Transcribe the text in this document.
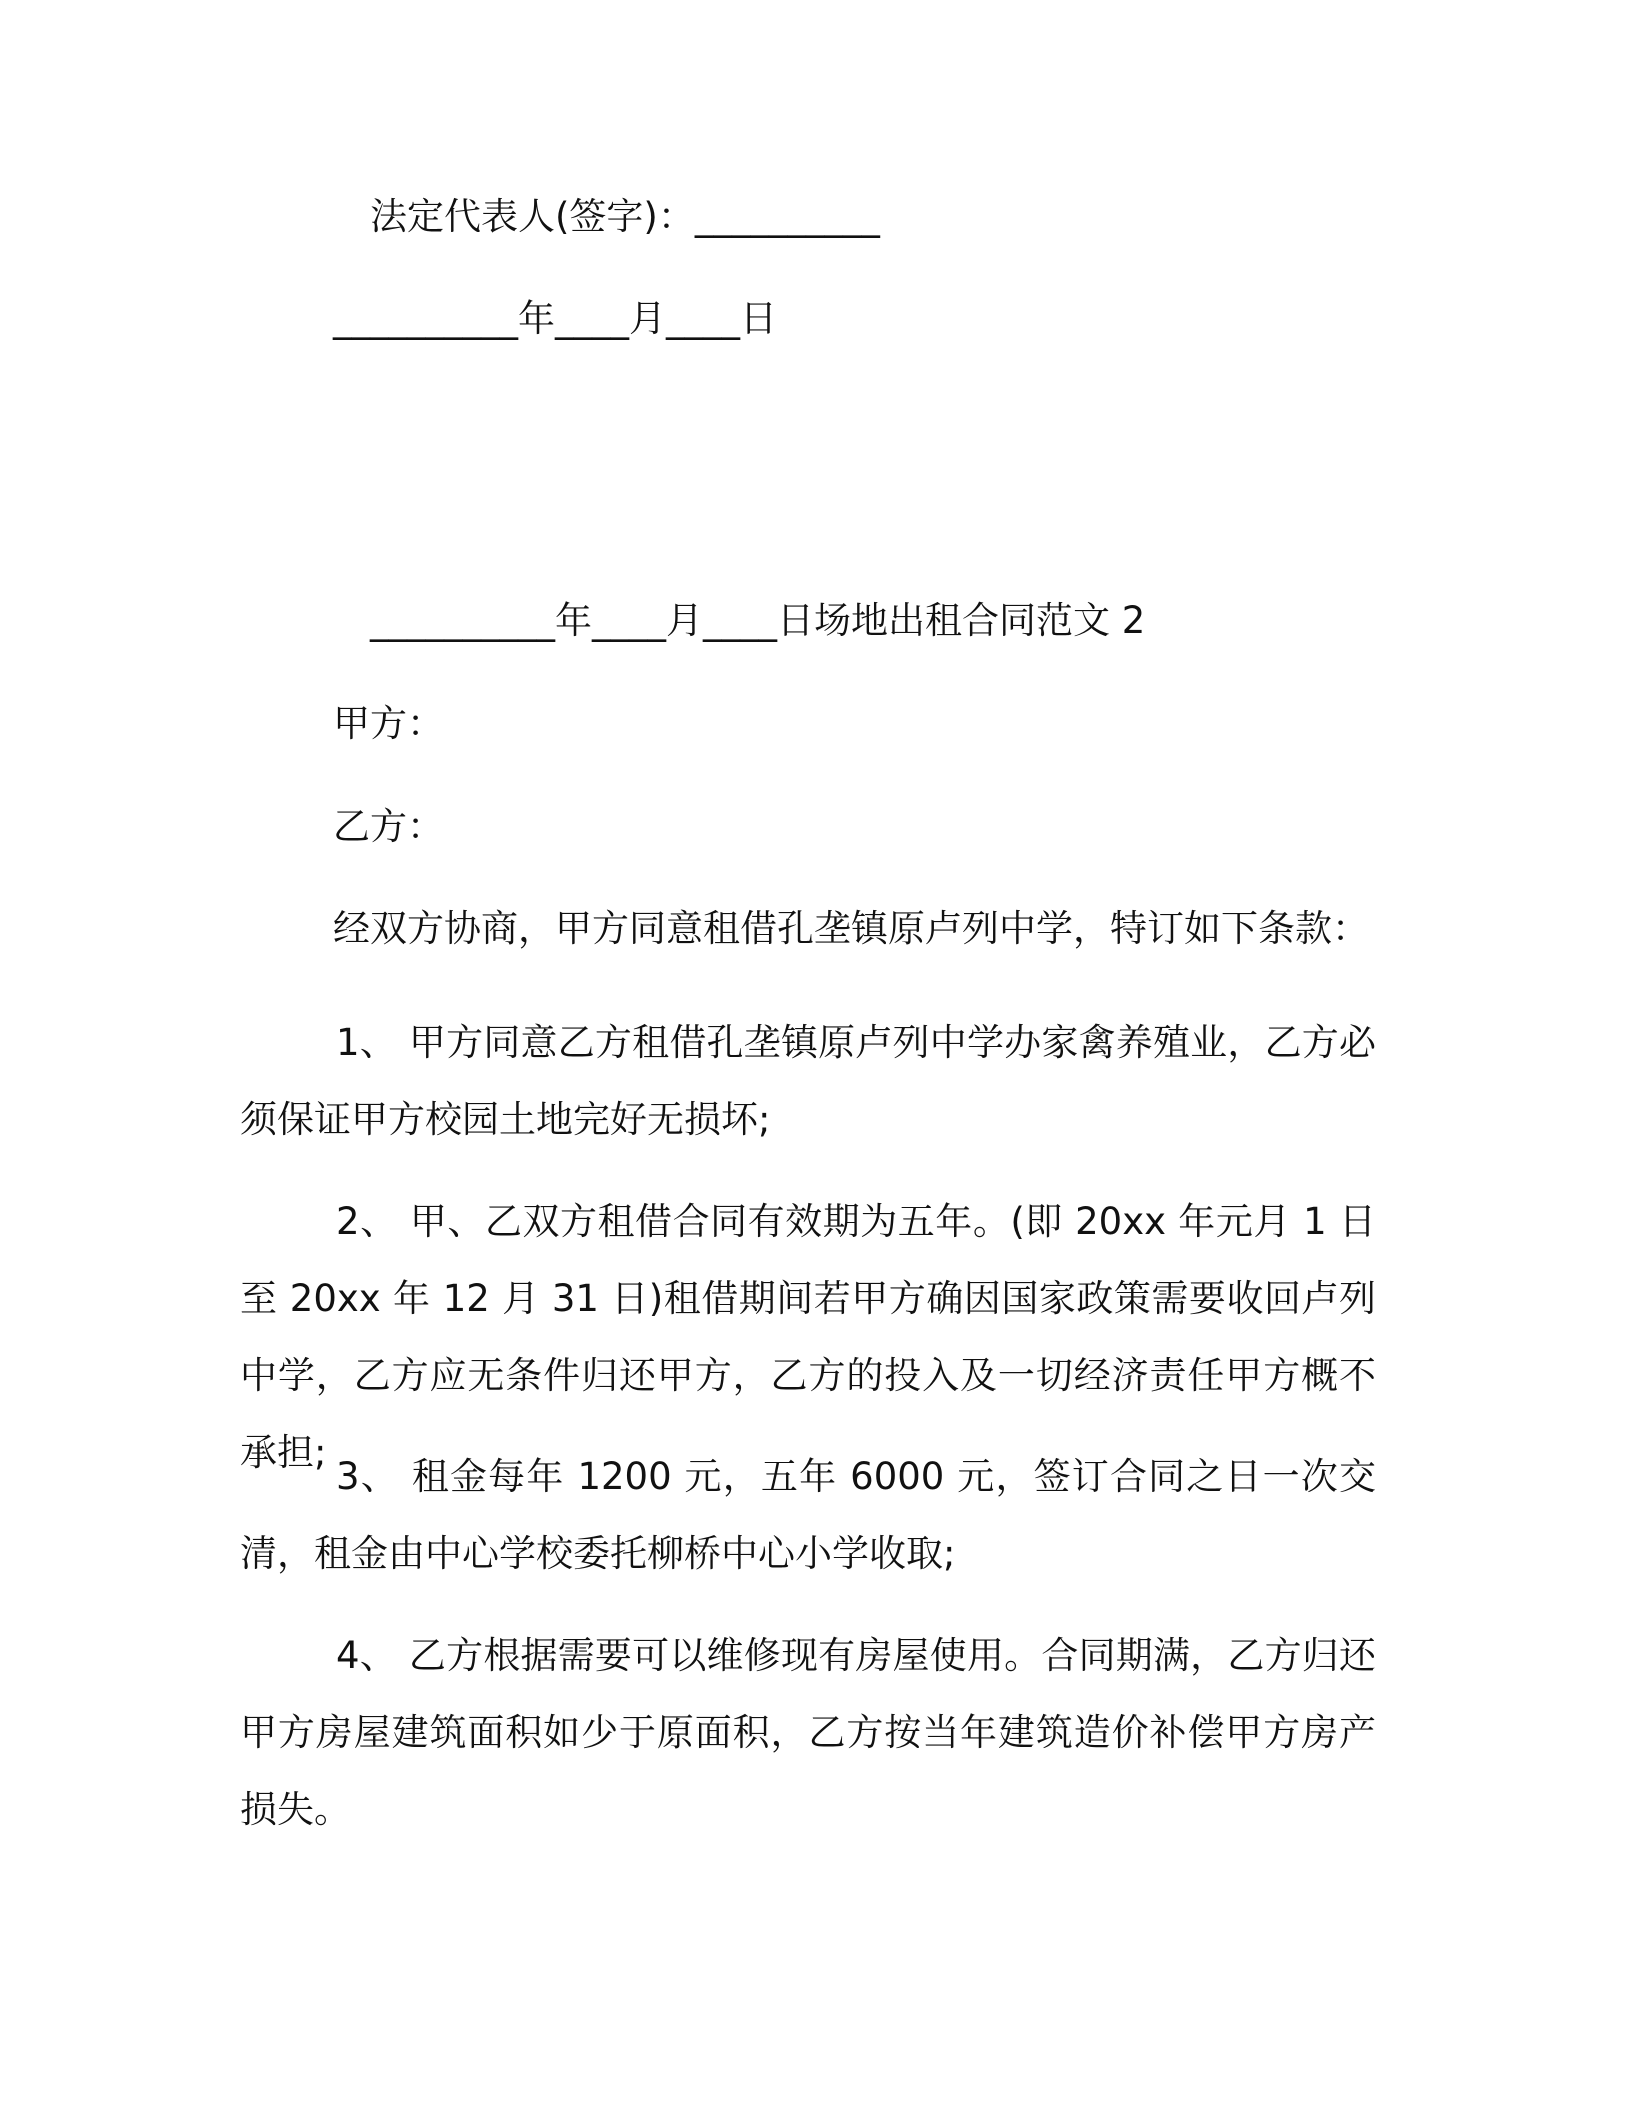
法定代表人(签字)：__________
__________年____月____日
__________年____月____日场地出租合同范文 2
甲方：
乙方：
经双方协商，甲方同意租借孔垄镇原卢列中学，特订如下条款：
1、 甲方同意乙方租借孔垄镇原卢列中学办家禽养殖业，乙方必须保证甲方校园土地完好无损坏;
2、 甲、乙双方租借合同有效期为五年。(即 20xx 年元月 1 日至 20xx 年 12 月 31 日)租借期间若甲方确因国家政策需要收回卢列中学，乙方应无条件归还甲方，乙方的投入及一切经济责任甲方概不承担;
3、 租金每年 1200 元，五年 6000 元，签订合同之日一次交清，租金由中心学校委托柳桥中心小学收取;
4、 乙方根据需要可以维修现有房屋使用。合同期满，乙方归还甲方房屋建筑面积如少于原面积，乙方按当年建筑造价补偿甲方房产损失。
